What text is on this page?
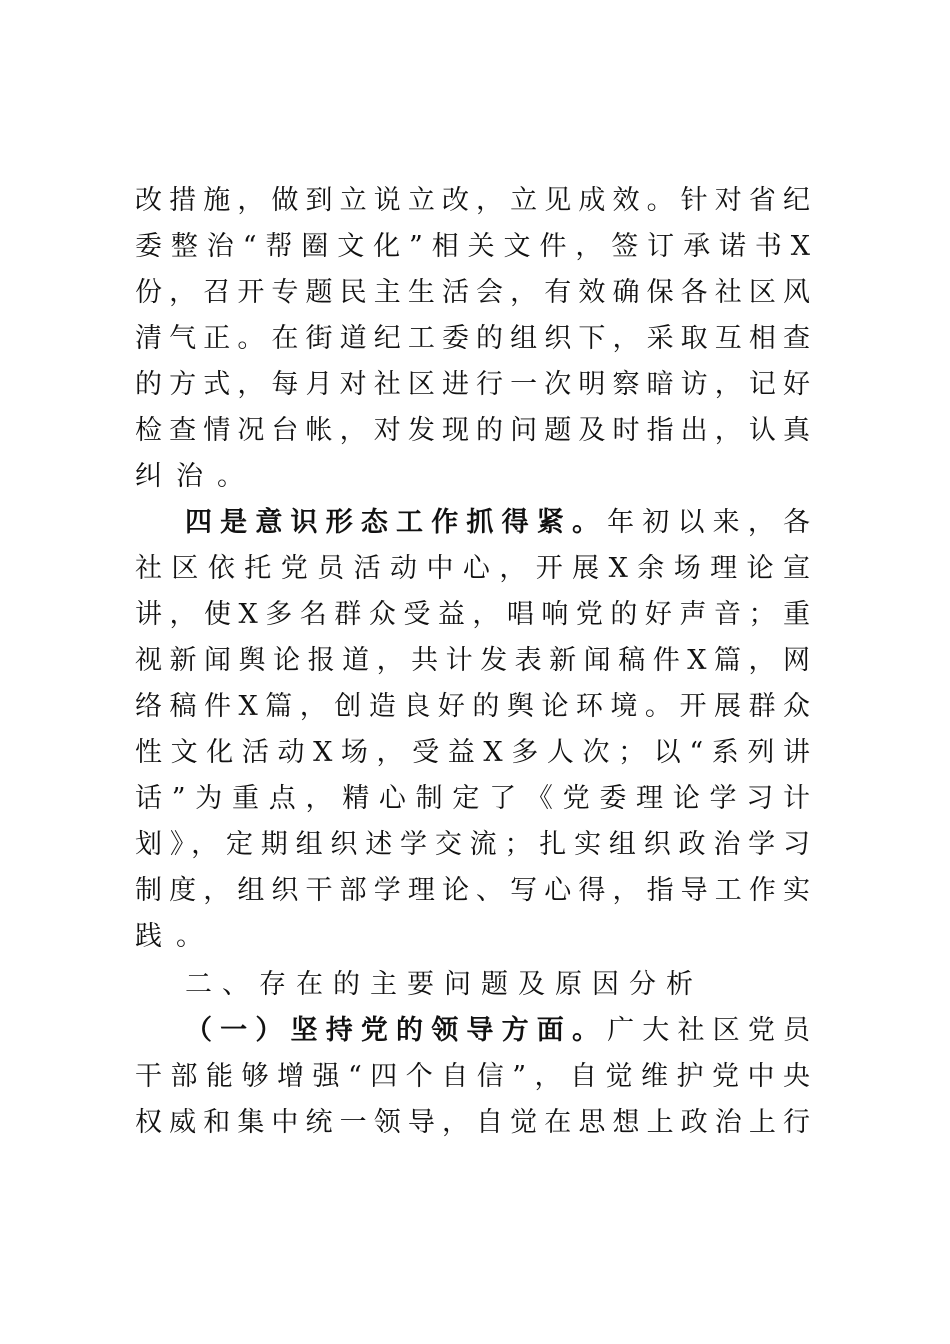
改措施，做到立说立改，立见成效。针对省纪
委整治“帮圈文化”相关文件，签订承诺书X
份，召开专题民主生活会，有效确保各社区风
清气正。在街道纪工委的组织下，采取互相查
的方式，每月对社区进行一次明察暗访，记好
检查情况台帐，对发现的问题及时指出，认真
纠治。
四是意识形态工作抓得紧。年初以来，各
社区依托党员活动中心，开展X余场理论宣
讲，使X多名群众受益，唱响党的好声音；重
视新闻舆论报道，共计发表新闻稿件X篇，网
络稿件X篇，创造良好的舆论环境。开展群众
性文化活动X场，受益X多人次；以“系列讲
话”为重点，精心制定了《党委理论学习计
划》，定期组织述学交流；扎实组织政治学习
制度，组织干部学理论、写心得，指导工作实
践。
二、存在的主要问题及原因分析
（一）坚持党的领导方面。广大社区党员
干部能够增强“四个自信”，自觉维护党中央
权威和集中统一领导，自觉在思想上政治上行
